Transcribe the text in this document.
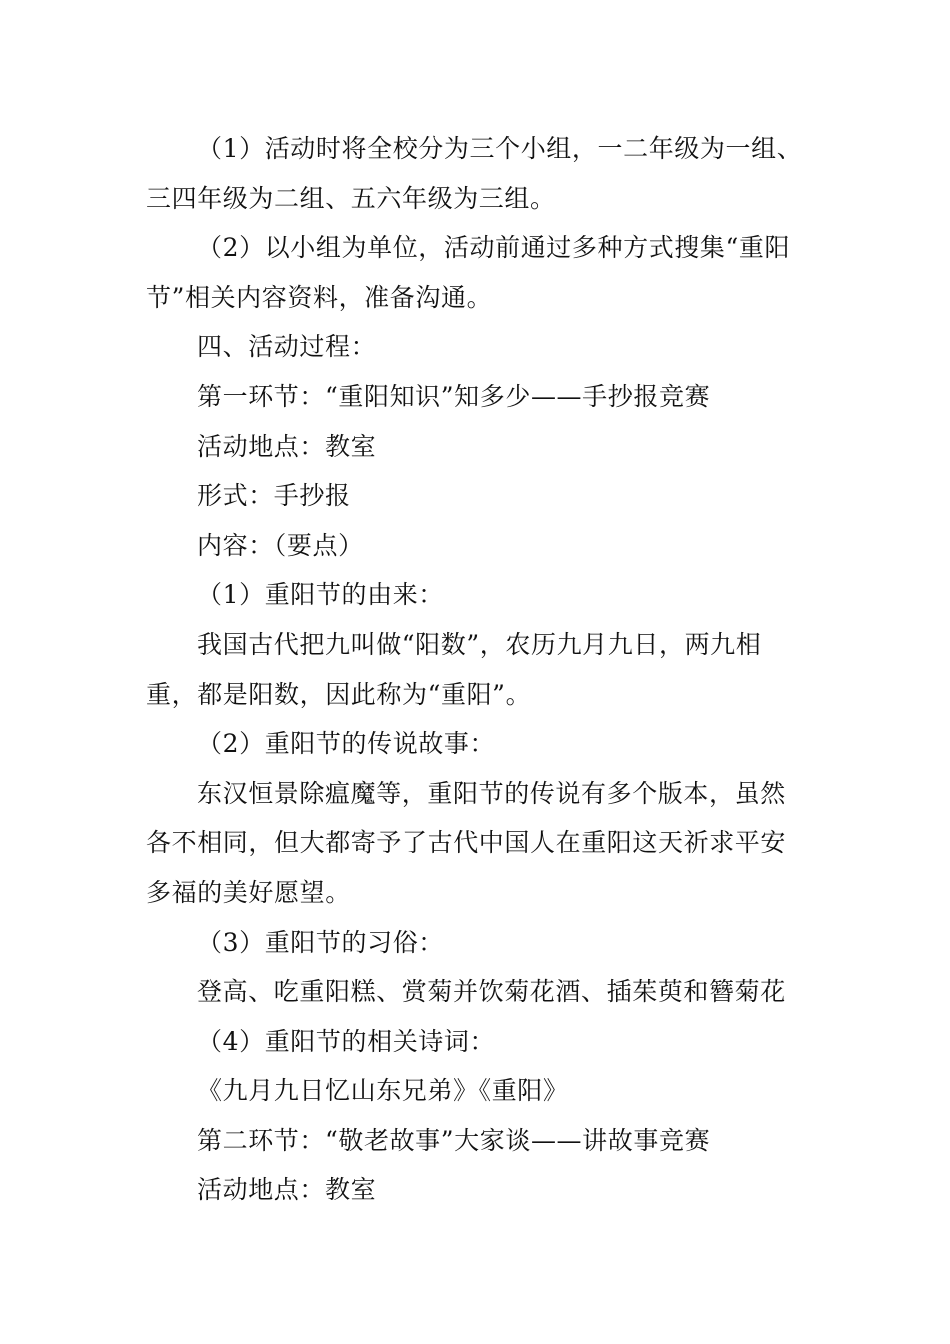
（1）活动时将全校分为三个小组，一二年级为一组、
三四年级为二组、五六年级为三组。
（2）以小组为单位，活动前通过多种方式搜集“重阳
节”相关内容资料，准备沟通。
四、活动过程：
第一环节：“重阳知识”知多少——手抄报竞赛
活动地点：教室
形式：手抄报
内容：（要点）
（1）重阳节的由来：
我国古代把九叫做“阳数”，农历九月九日，两九相
重，都是阳数，因此称为“重阳”。
（2）重阳节的传说故事：
东汉恒景除瘟魔等，重阳节的传说有多个版本，虽然
各不相同，但大都寄予了古代中国人在重阳这天祈求平安
多福的美好愿望。
（3）重阳节的习俗：
登高、吃重阳糕、赏菊并饮菊花酒、插茱萸和簪菊花
（4）重阳节的相关诗词：
《九月九日忆山东兄弟》《重阳》
第二环节：“敬老故事”大家谈——讲故事竞赛
活动地点：教室
